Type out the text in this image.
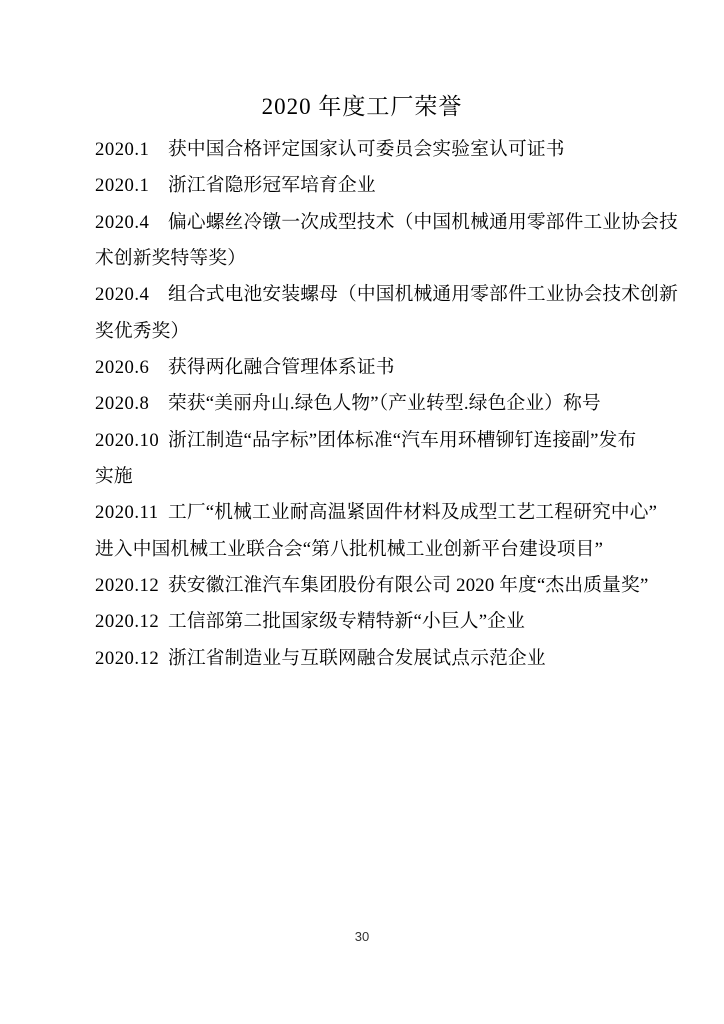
2020 年度工厂荣誉
2020.1 获中国合格评定国家认可委员会实验室认可证书
2020.1 浙江省隐形冠军培育企业
2020.4 偏心螺丝冷镦一次成型技术（中国机械通用零部件工业协会技
术创新奖特等奖）
2020.4 组合式电池安装螺母（中国机械通用零部件工业协会技术创新
奖优秀奖）
2020.6 获得两化融合管理体系证书
2020.8 荣获“美丽舟山.绿色人物”（产业转型.绿色企业）称号
2020.10 浙江制造“品字标”团体标准“汽车用环槽铆钉连接副”发布
实施
2020.11 工厂“机械工业耐高温紧固件材料及成型工艺工程研究中心”
进入中国机械工业联合会“第八批机械工业创新平台建设项目”
2020.12 获安徽江淮汽车集团股份有限公司 2020 年度“杰出质量奖”
2020.12 工信部第二批国家级专精特新“小巨人”企业
2020.12 浙江省制造业与互联网融合发展试点示范企业
30
